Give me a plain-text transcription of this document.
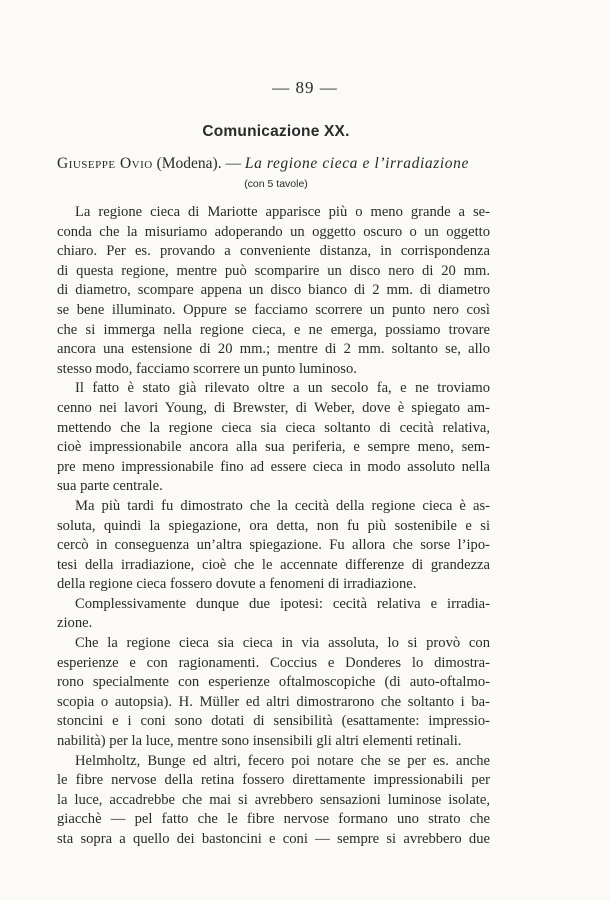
— 89 —
Comunicazione XX.
Giuseppe Ovio (Modena). — La regione cieca e l’irradiazione
(con 5 tavole)
La regione cieca di Mariotte apparisce più o meno grande a se-
conda che la misuriamo adoperando un oggetto oscuro o un oggetto
chiaro. Per es. provando a conveniente distanza, in corrispondenza
di questa regione, mentre può scomparire un disco nero di 20 mm.
di diametro, scompare appena un disco bianco di 2 mm. di diametro
se bene illuminato. Oppure se facciamo scorrere un punto nero così
che si immerga nella regione cieca, e ne emerga, possiamo trovare
ancora una estensione di 20 mm.; mentre di 2 mm. soltanto se, allo
stesso modo, facciamo scorrere un punto luminoso.
Il fatto è stato già rilevato oltre a un secolo fa, e ne troviamo
cenno nei lavori Young, di Brewster, di Weber, dove è spiegato am-
mettendo che la regione cieca sia cieca soltanto di cecità relativa,
cioè impressionabile ancora alla sua periferia, e sempre meno, sem-
pre meno impressionabile fino ad essere cieca in modo assoluto nella
sua parte centrale.
Ma più tardi fu dimostrato che la cecità della regione cieca è as-
soluta, quindi la spiegazione, ora detta, non fu più sostenibile e si
cercò in conseguenza un’altra spiegazione. Fu allora che sorse l’ipo-
tesi della irradiazione, cioè che le accennate differenze di grandezza
della regione cieca fossero dovute a fenomeni di irradiazione.
Complessivamente dunque due ipotesi: cecità relativa e irradia-
zione.
Che la regione cieca sia cieca in via assoluta, lo si provò con
esperienze e con ragionamenti. Coccius e Donderes lo dimostra-
rono specialmente con esperienze oftalmoscopiche (di auto-oftalmo-
scopia o autopsia). H. Müller ed altri dimostrarono che soltanto i ba-
stoncini e i coni sono dotati di sensibilità (esattamente: impressio-
nabilità) per la luce, mentre sono insensibili gli altri elementi retinali.
Helmholtz, Bunge ed altri, fecero poi notare che se per es. anche
le fibre nervose della retina fossero direttamente impressionabili per
la luce, accadrebbe che mai si avrebbero sensazioni luminose isolate,
giacchè — pel fatto che le fibre nervose formano uno strato che
sta sopra a quello dei bastoncini e coni — sempre si avrebbero due
